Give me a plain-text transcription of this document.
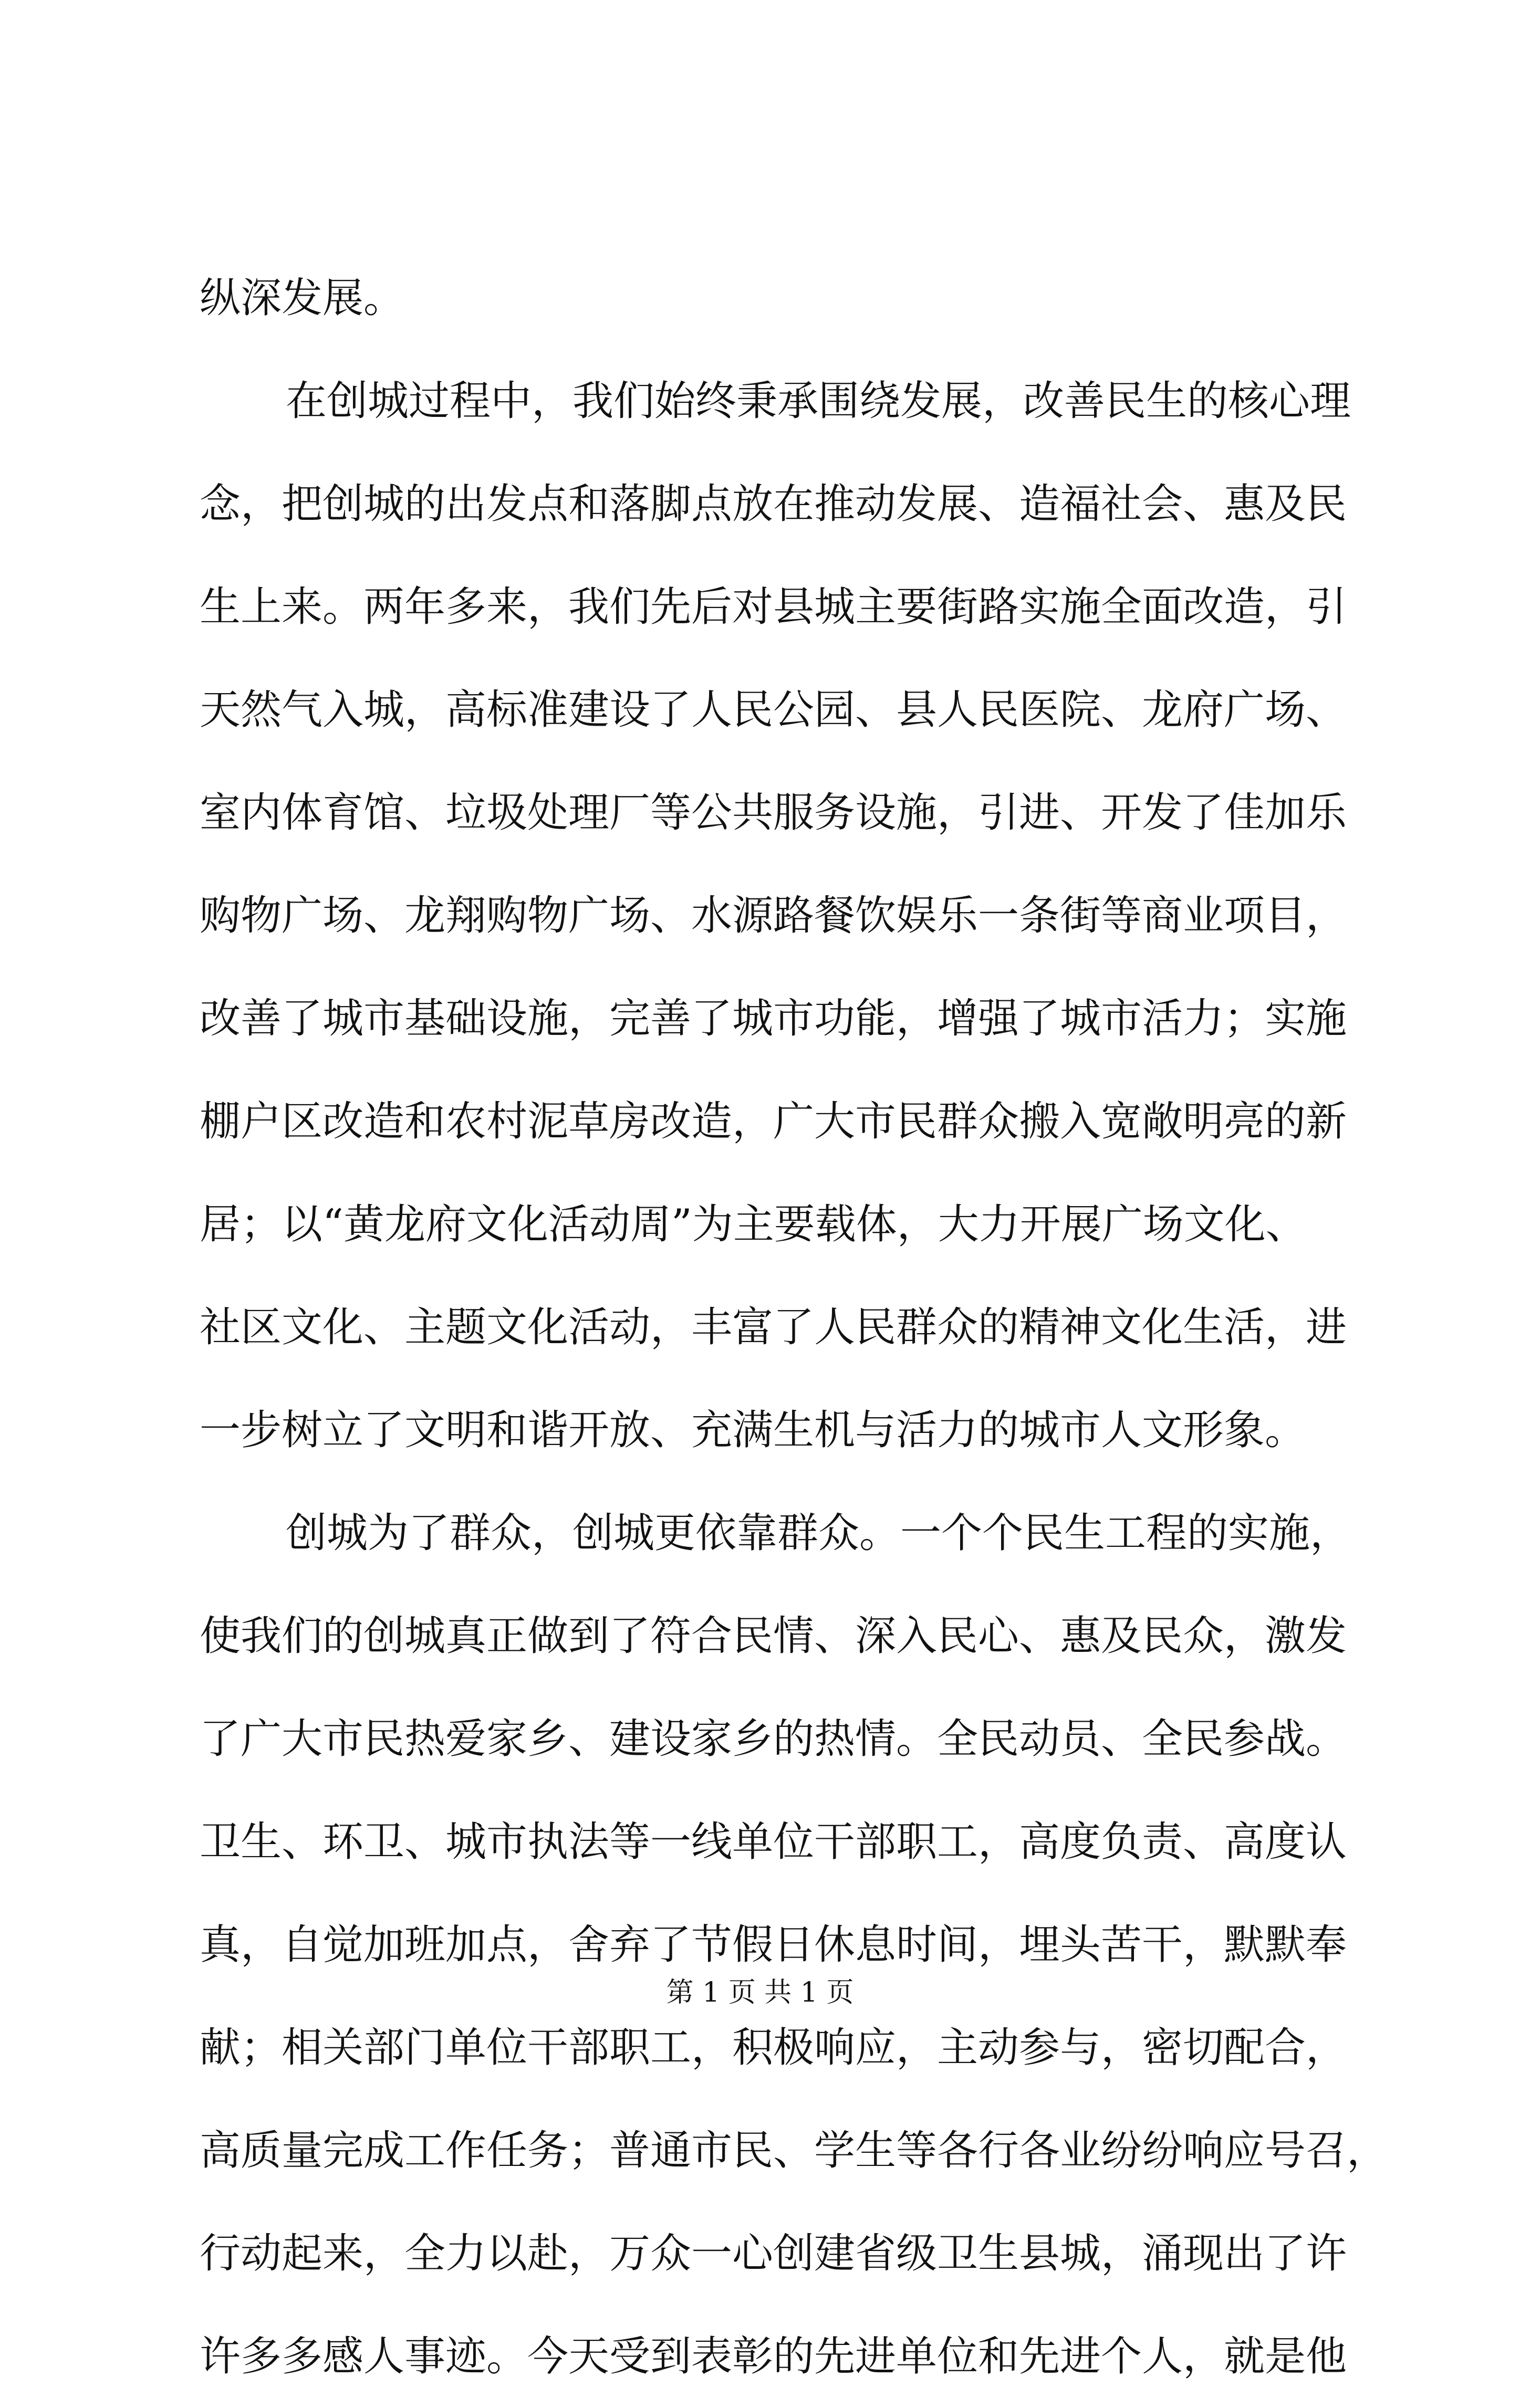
纵深发展。
在创城过程中，我们始终秉承围绕发展，改善民生的核心理
念，把创城的出发点和落脚点放在推动发展、造福社会、惠及民
生上来。两年多来，我们先后对县城主要街路实施全面改造，引
天然气入城，高标准建设了人民公园、县人民医院、龙府广场、
室内体育馆、垃圾处理厂等公共服务设施，引进、开发了佳加乐
购物广场、龙翔购物广场、水源路餐饮娱乐一条街等商业项目，
改善了城市基础设施，完善了城市功能，增强了城市活力；实施
棚户区改造和农村泥草房改造，广大市民群众搬入宽敞明亮的新
居；以“黄龙府文化活动周”为主要载体，大力开展广场文化、
社区文化、主题文化活动，丰富了人民群众的精神文化生活，进
一步树立了文明和谐开放、充满生机与活力的城市人文形象。
创城为了群众，创城更依靠群众。一个个民生工程的实施，
使我们的创城真正做到了符合民情、深入民心、惠及民众，激发
了广大市民热爱家乡、建设家乡的热情。全民动员、全民参战。
卫生、环卫、城市执法等一线单位干部职工，高度负责、高度认
真，自觉加班加点，舍弃了节假日休息时间，埋头苦干，默默奉
献；相关部门单位干部职工，积极响应，主动参与，密切配合，
高质量完成工作任务；普通市民、学生等各行各业纷纷响应号召，
行动起来，全力以赴，万众一心创建省级卫生县城，涌现出了许
许多多感人事迹。今天受到表彰的先进单位和先进个人，就是他
第 1 页 共 1 页
